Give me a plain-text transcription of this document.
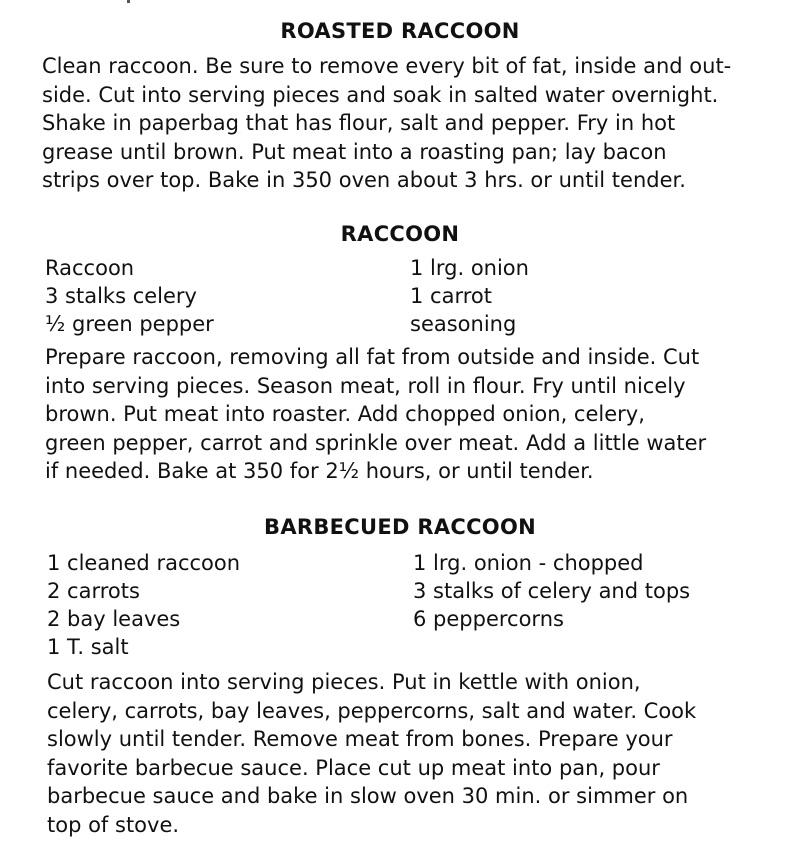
ROASTED RACCOON
Clean raccoon. Be sure to remove every bit of fat, inside and out-
side. Cut into serving pieces and soak in salted water overnight.
Shake in paperbag that has flour, salt and pepper. Fry in hot
grease until brown. Put meat into a roasting pan; lay bacon
strips over top. Bake in 350 oven about 3 hrs. or until tender.
RACCOON
Raccoon
3 stalks celery
½ green pepper
1 lrg. onion
1 carrot
seasoning
Prepare raccoon, removing all fat from outside and inside. Cut
into serving pieces. Season meat, roll in flour. Fry until nicely
brown. Put meat into roaster. Add chopped onion, celery,
green pepper, carrot and sprinkle over meat. Add a little water
if needed. Bake at 350 for 2½ hours, or until tender.
BARBECUED RACCOON
1 cleaned raccoon
2 carrots
2 bay leaves
1 T. salt
1 lrg. onion - chopped
3 stalks of celery and tops
6 peppercorns
Cut raccoon into serving pieces. Put in kettle with onion,
celery, carrots, bay leaves, peppercorns, salt and water. Cook
slowly until tender. Remove meat from bones. Prepare your
favorite barbecue sauce. Place cut up meat into pan, pour
barbecue sauce and bake in slow oven 30 min. or simmer on
top of stove.
